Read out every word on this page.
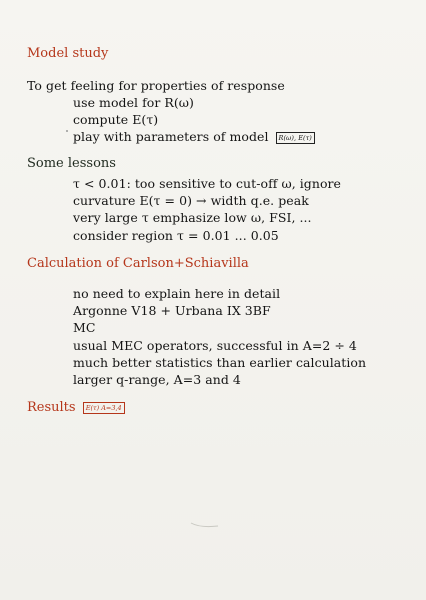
Model study
To get feeling for properties of response
use model for R(ω)
compute E(τ)
play with parameters of model R(ω), E(τ)
Some lessons
τ < 0.01: too sensitive to cut-off ω, ignore
curvature E(τ = 0) → width q.e. peak
very large τ emphasize low ω, FSI, ...
consider region τ = 0.01 ... 0.05
Calculation of Carlson+Schiavilla
no need to explain here in detail
Argonne V18 + Urbana IX 3BF
MC
usual MEC operators, successful in A=2 ÷ 4
much better statistics than earlier calculation
larger q-range, A=3 and 4
Results E(τ) A=3,4
